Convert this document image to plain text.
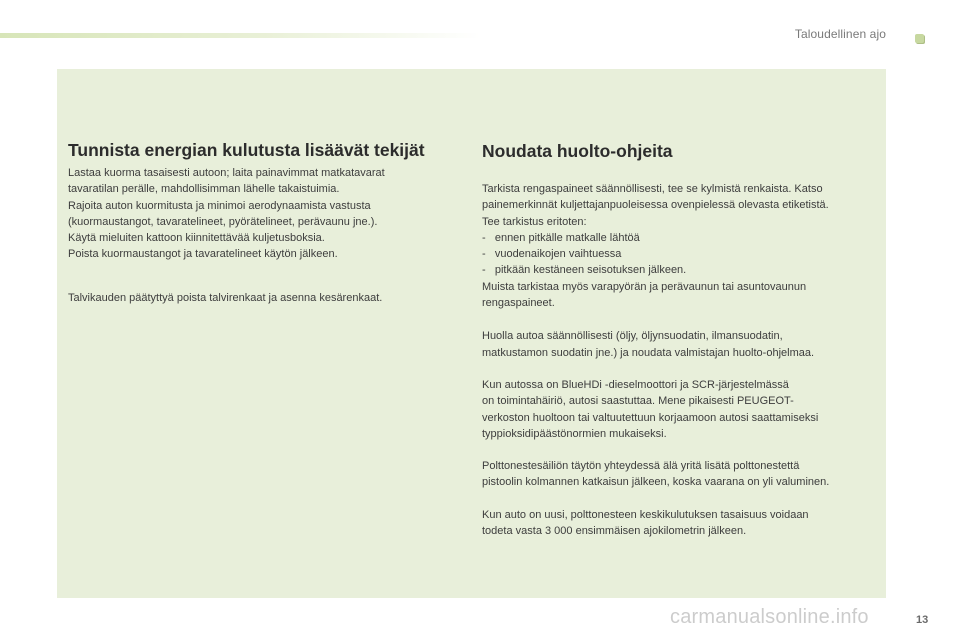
Taloudellinen ajo
Tunnista energian kulutusta lisäävät tekijät

Lastaa kuorma tasaisesti autoon; laita painavimmat matkatavarat
tavaratilan perälle, mahdollisimman lähelle takaistuimia.
Rajoita auton kuormitusta ja minimoi aerodynaamista vastusta
(kuormaustangot, tavaratelineet, pyörätelineet, perävaunu jne.).
Käytä mieluiten kattoon kiinnitettävää kuljetusboksia.
Poista kuormaustangot ja tavaratelineet käytön jälkeen.

Talvikauden päätyttyä poista talvirenkaat ja asenna kesärenkaat.

Noudata huolto-ohjeita

Tarkista rengaspaineet säännöllisesti, tee se kylmistä renkaista. Katso
painemerkinnät kuljettajanpuoleisessa ovenpielessä olevasta etiketistä.
Tee tarkistus eritoten:
-   ennen pitkälle matkalle lähtöä
-   vuodenaikojen vaihtuessa
-   pitkään kestäneen seisotuksen jälkeen.
Muista tarkistaa myös varapyörän ja perävaunun tai asuntovaunun
rengaspaineet.

Huolla autoa säännöllisesti (öljy, öljynsuodatin, ilmansuodatin,
matkustamon suodatin jne.) ja noudata valmistajan huolto-ohjelmaa.

Kun autossa on BlueHDi -dieselmoottori ja SCR-järjestelmässä
on toimintahäiriö, autosi saastuttaa. Mene pikaisesti PEUGEOT-
verkoston huoltoon tai valtuutettuun korjaamoon autosi saattamiseksi
typpioksidipäästönormien mukaiseksi.

Polttonestesäiliön täytön yhteydessä älä yritä lisätä polttonestettä
pistoolin kolmannen katkaisun jälkeen, koska vaarana on yli valuminen.

Kun auto on uusi, polttonesteen keskikulutuksen tasaisuus voidaan
todeta vasta 3 000 ensimmäisen ajokilometrin jälkeen.

carmanualsonline.info	13
